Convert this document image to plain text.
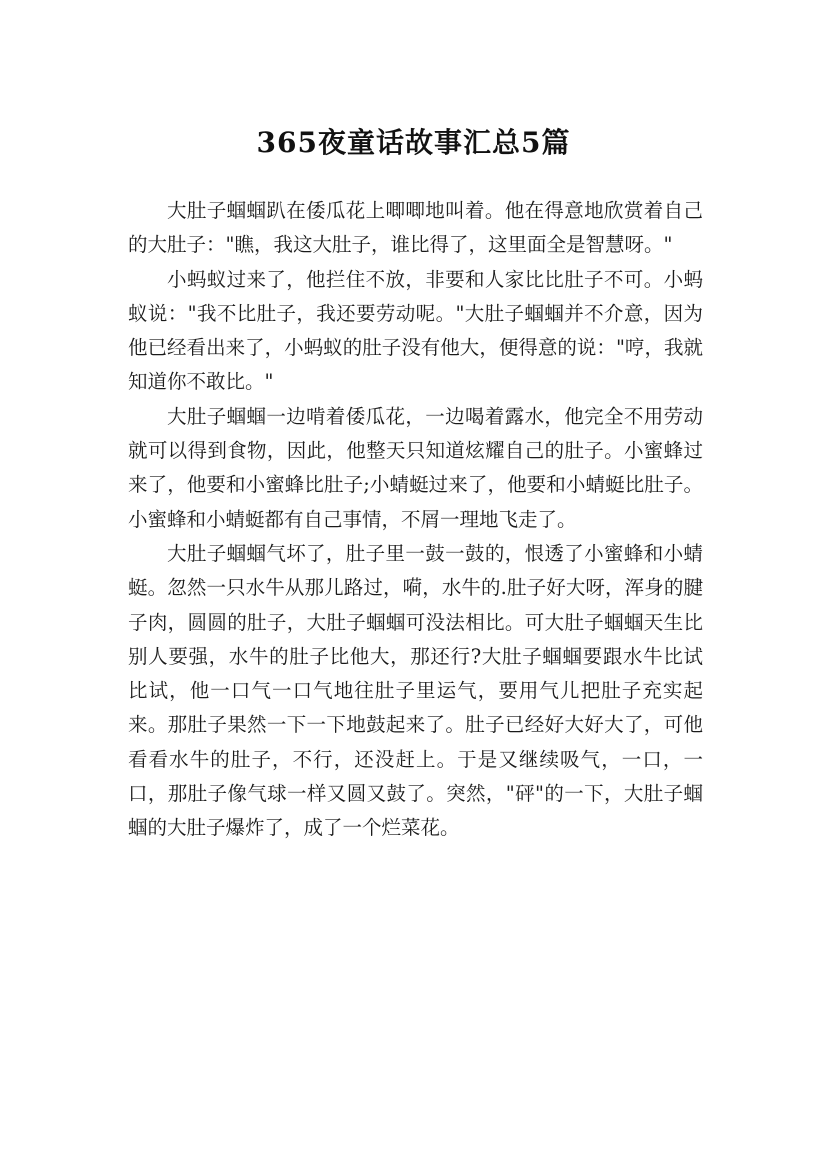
365夜童话故事汇总5篇

大肚子蝈蝈趴在倭瓜花上唧唧地叫着。他在得意地欣赏着自己的大肚子："瞧，我这大肚子，谁比得了，这里面全是智慧呀。"

小蚂蚁过来了，他拦住不放，非要和人家比比肚子不可。小蚂蚁说："我不比肚子，我还要劳动呢。"大肚子蝈蝈并不介意，因为他已经看出来了，小蚂蚁的肚子没有他大，便得意的说："哼，我就知道你不敢比。"

大肚子蝈蝈一边啃着倭瓜花，一边喝着露水，他完全不用劳动就可以得到食物，因此，他整天只知道炫耀自己的肚子。小蜜蜂过来了，他要和小蜜蜂比肚子;小蜻蜓过来了，他要和小蜻蜓比肚子。小蜜蜂和小蜻蜓都有自己事情，不屑一理地飞走了。

大肚子蝈蝈气坏了，肚子里一鼓一鼓的，恨透了小蜜蜂和小蜻蜓。忽然一只水牛从那儿路过，嗬，水牛的.肚子好大呀，浑身的腱子肉，圆圆的肚子，大肚子蝈蝈可没法相比。可大肚子蝈蝈天生比别人要强，水牛的肚子比他大，那还行?大肚子蝈蝈要跟水牛比试比试，他一口气一口气地往肚子里运气，要用气儿把肚子充实起来。那肚子果然一下一下地鼓起来了。肚子已经好大好大了，可他看看水牛的肚子，不行，还没赶上。于是又继续吸气，一口，一口，那肚子像气球一样又圆又鼓了。突然，"砰"的一下，大肚子蝈蝈的大肚子爆炸了，成了一个烂菜花。
